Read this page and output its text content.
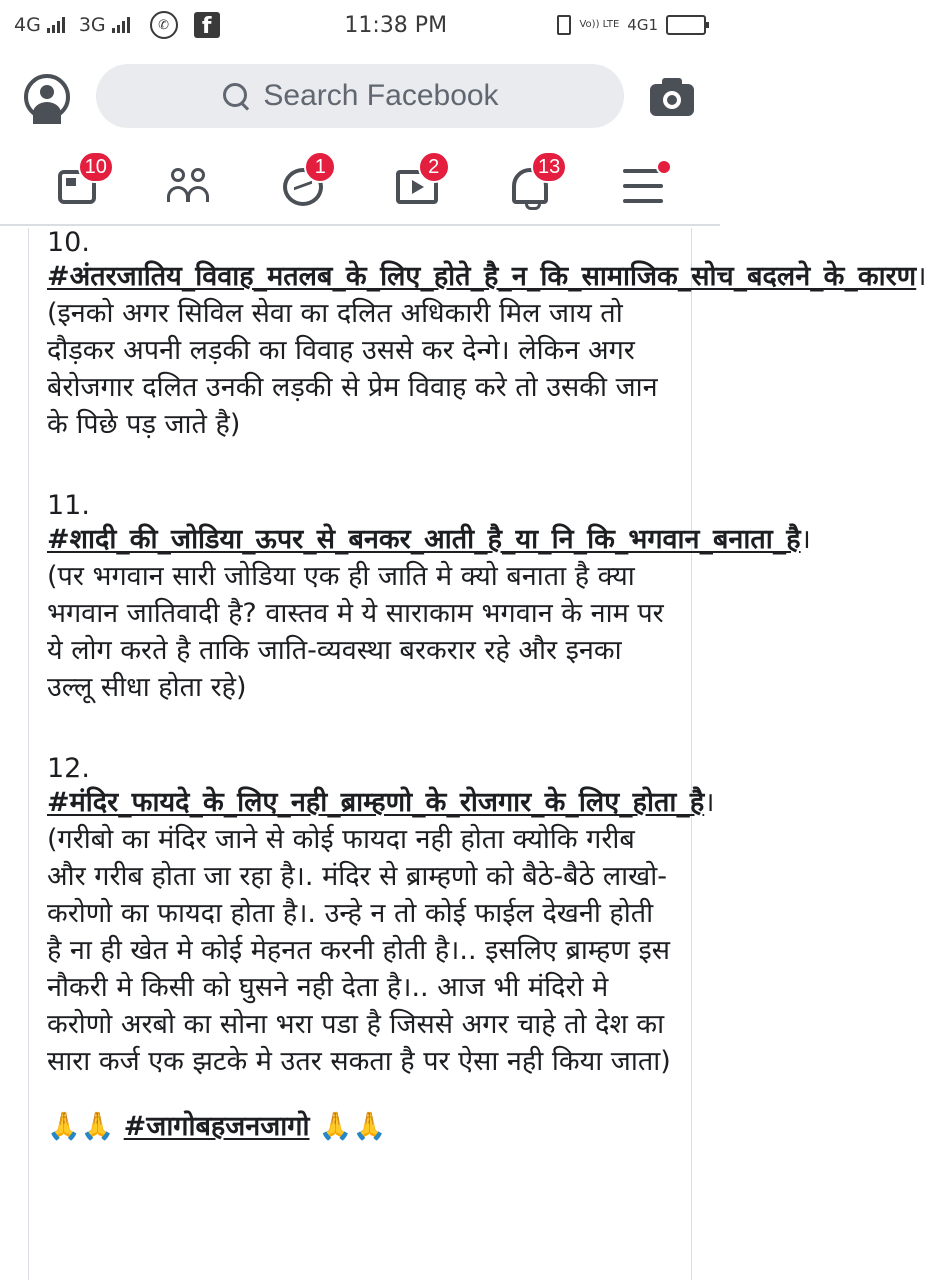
4G 3G	✆	f	11:38 PM	Vo)) LTE 4G1
Search Facebook
10	1	2	13
10.
#अंतरजातिय_विवाह_मतलब_के_लिए_होते_है_न_कि_सामाजिक_सोच_बदलने_के_कारण। (इनको अगर सिविल सेवा का दलित अधिकारी मिल जाय तो दौड़कर अपनी लड़की का विवाह उससे कर देन्गे। लेकिन अगर बेरोजगार दलित उनकी लड़की से प्रेम विवाह करे तो उसकी जान के पिछे पड़ जाते है)
11.
#शादी_की_जोडिया_ऊपर_से_बनकर_आती_है_या_नि_कि_भगवान_बनाता_है। (पर भगवान सारी जोडिया एक ही जाति मे क्यो बनाता है क्या भगवान जातिवादी है? वास्तव मे ये साराकाम भगवान के नाम पर ये लोग करते है ताकि जाति-व्यवस्था बरकरार रहे और इनका उल्लू सीधा होता रहे)
12.
#मंदिर_फायदे_के_लिए_नही_ब्राम्हणो_के_रोजगार_के_लिए_होता_है। (गरीबो का मंदिर जाने से कोई फायदा नही होता क्योकि गरीब और गरीब होता जा रहा है।. मंदिर से ब्राम्हणो को बैठे-बैठे लाखो-करोणो का फायदा होता है।. उन्हे न तो कोई फाईल देखनी होती है ना ही खेत मे कोई मेहनत करनी होती है।.. इसलिए ब्राम्हण इस नौकरी मे किसी को घुसने नही देता है।.. आज भी मंदिरो मे करोणो अरबो का सोना भरा पडा है जिससे अगर चाहे तो देश का सारा कर्ज एक झटके मे उतर सकता है पर ऐसा नही किया जाता)
🙏🙏 #जागोबहजनजागो 🙏🙏
